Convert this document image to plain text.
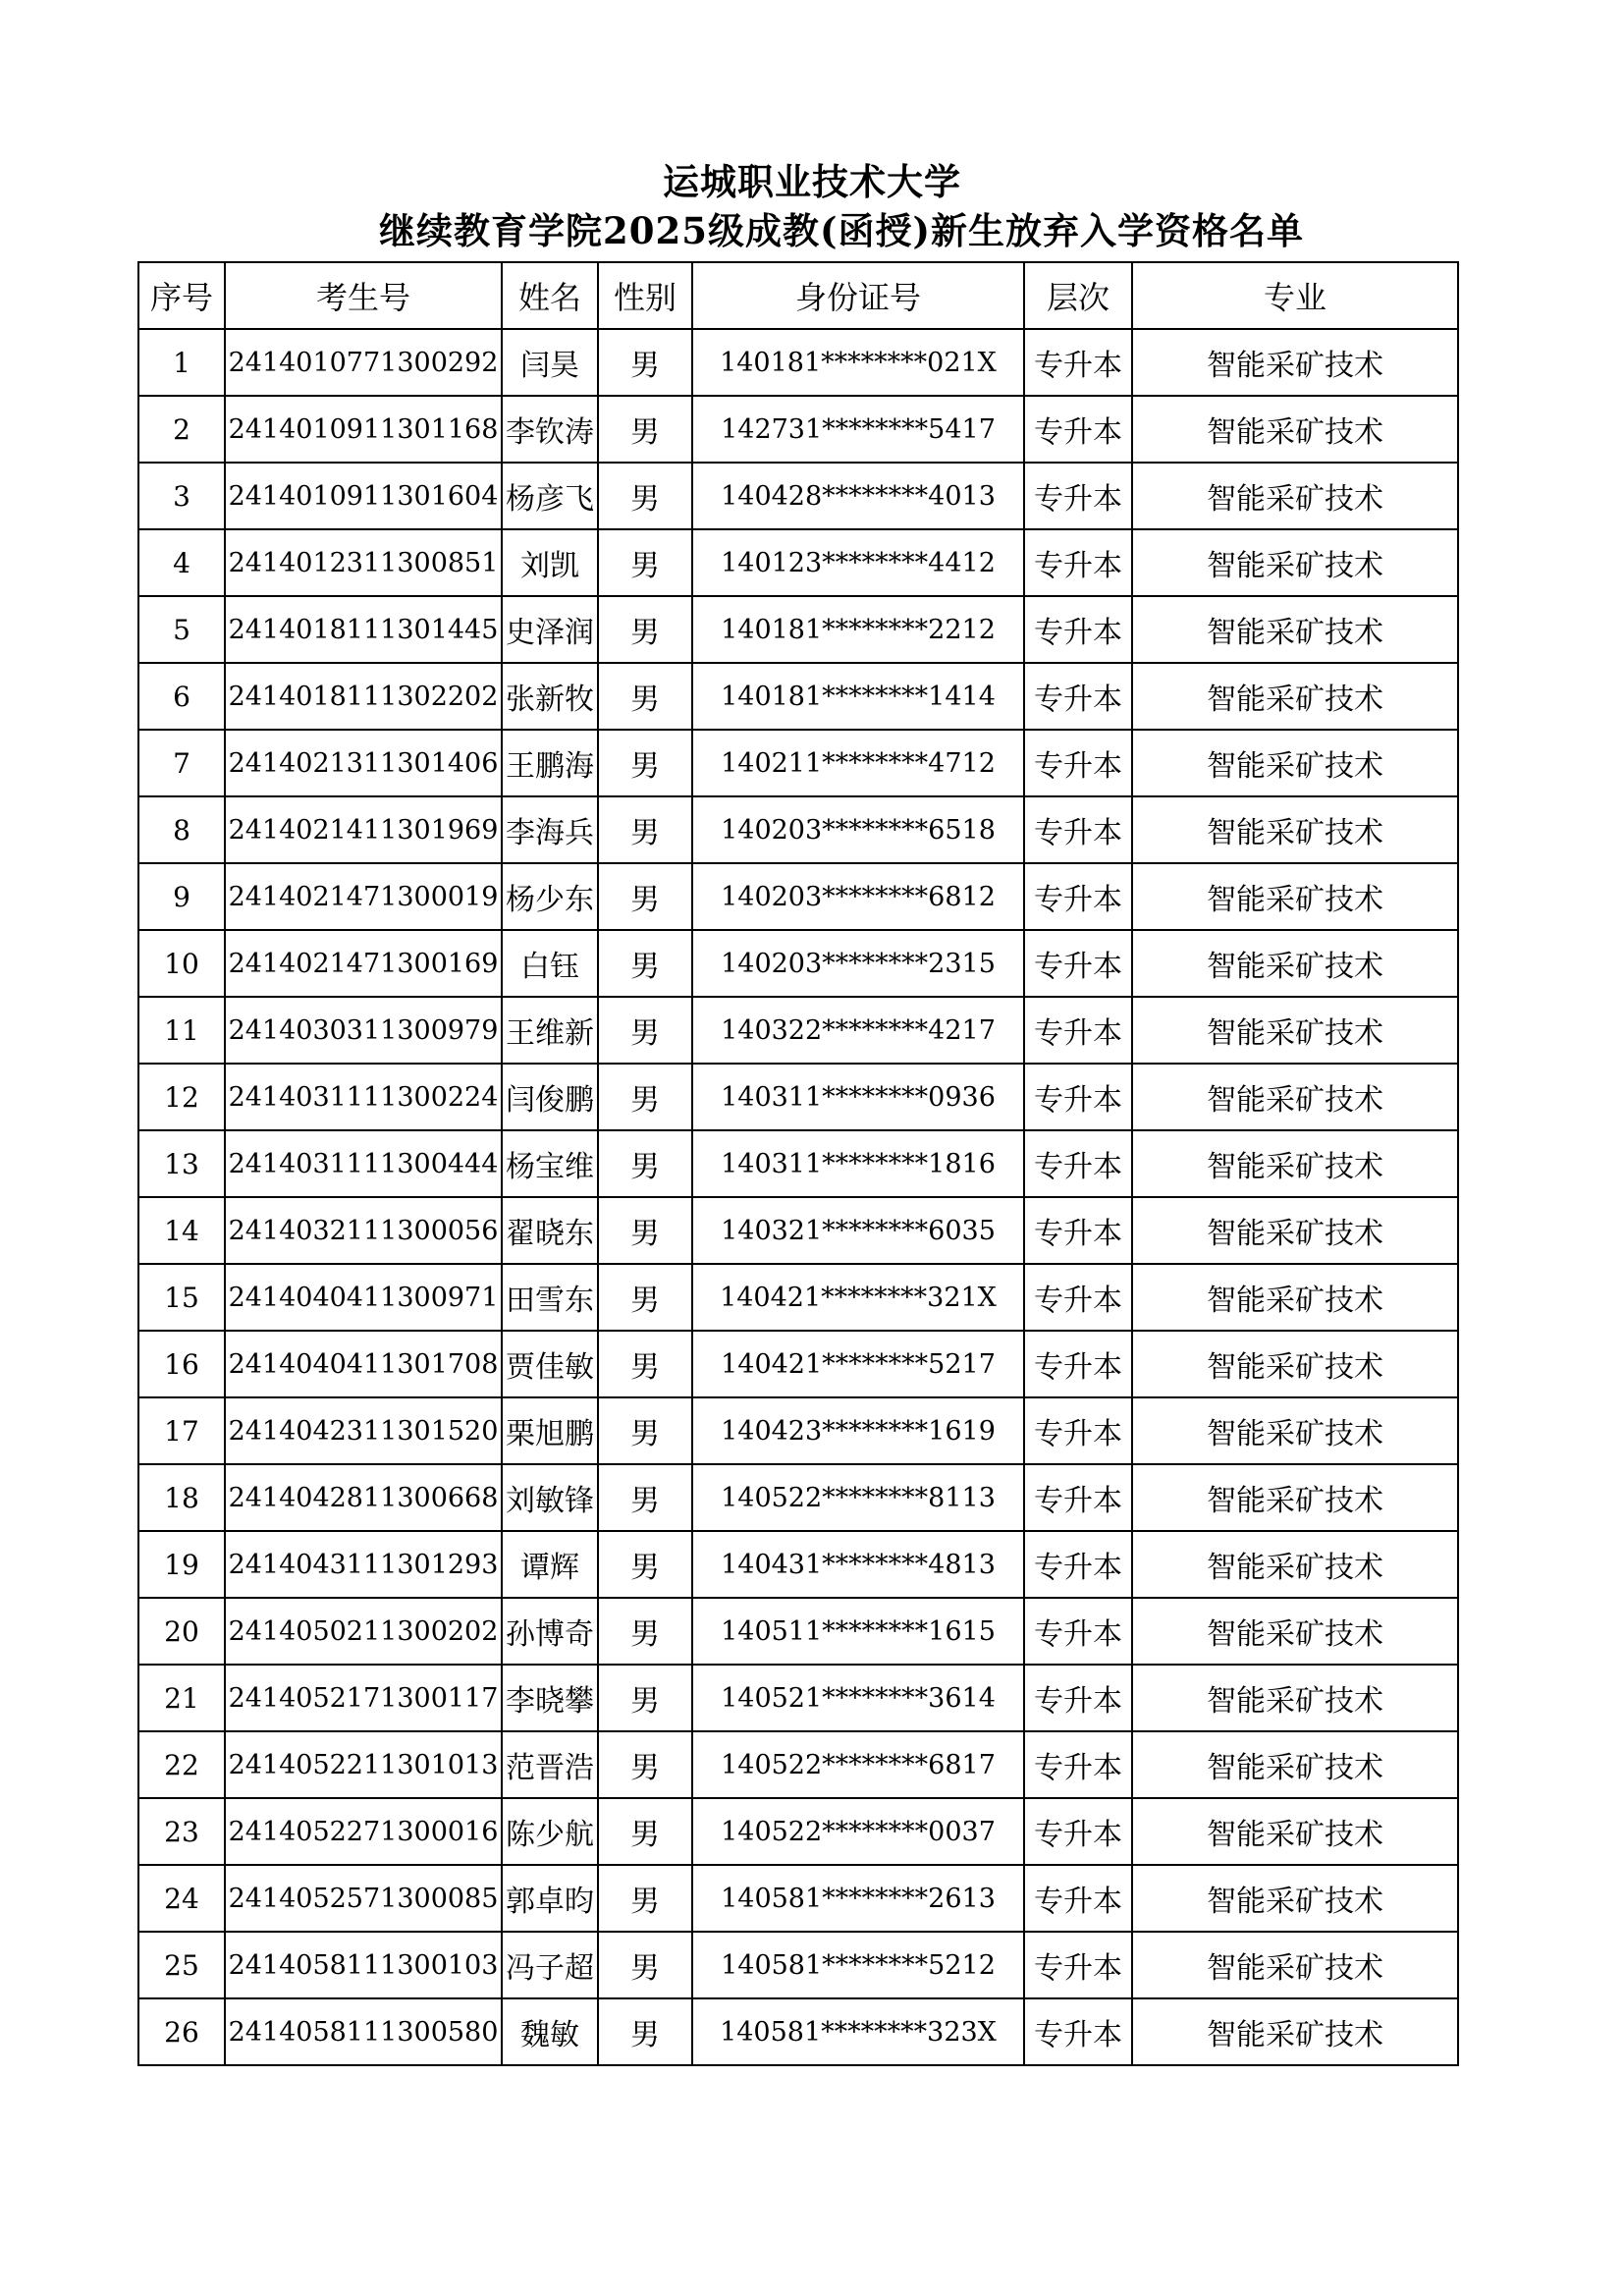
运城职业技术大学
继续教育学院2025级成教(函授)新生放弃入学资格名单
序号	考生号	姓名	性别	身份证号	层次	专业
1	2414010771300292	闫昊	男	140181********021X	专升本	智能采矿技术
2	2414010911301168	李钦涛	男	142731********5417	专升本	智能采矿技术
3	2414010911301604	杨彦飞	男	140428********4013	专升本	智能采矿技术
4	2414012311300851	刘凯	男	140123********4412	专升本	智能采矿技术
5	2414018111301445	史泽润	男	140181********2212	专升本	智能采矿技术
6	2414018111302202	张新牧	男	140181********1414	专升本	智能采矿技术
7	2414021311301406	王鹏海	男	140211********4712	专升本	智能采矿技术
8	2414021411301969	李海兵	男	140203********6518	专升本	智能采矿技术
9	2414021471300019	杨少东	男	140203********6812	专升本	智能采矿技术
10	2414021471300169	白钰	男	140203********2315	专升本	智能采矿技术
11	2414030311300979	王维新	男	140322********4217	专升本	智能采矿技术
12	2414031111300224	闫俊鹏	男	140311********0936	专升本	智能采矿技术
13	2414031111300444	杨宝维	男	140311********1816	专升本	智能采矿技术
14	2414032111300056	翟晓东	男	140321********6035	专升本	智能采矿技术
15	2414040411300971	田雪东	男	140421********321X	专升本	智能采矿技术
16	2414040411301708	贾佳敏	男	140421********5217	专升本	智能采矿技术
17	2414042311301520	栗旭鹏	男	140423********1619	专升本	智能采矿技术
18	2414042811300668	刘敏锋	男	140522********8113	专升本	智能采矿技术
19	2414043111301293	谭辉	男	140431********4813	专升本	智能采矿技术
20	2414050211300202	孙博奇	男	140511********1615	专升本	智能采矿技术
21	2414052171300117	李晓攀	男	140521********3614	专升本	智能采矿技术
22	2414052211301013	范晋浩	男	140522********6817	专升本	智能采矿技术
23	2414052271300016	陈少航	男	140522********0037	专升本	智能采矿技术
24	2414052571300085	郭卓昀	男	140581********2613	专升本	智能采矿技术
25	2414058111300103	冯子超	男	140581********5212	专升本	智能采矿技术
26	2414058111300580	魏敏	男	140581********323X	专升本	智能采矿技术
